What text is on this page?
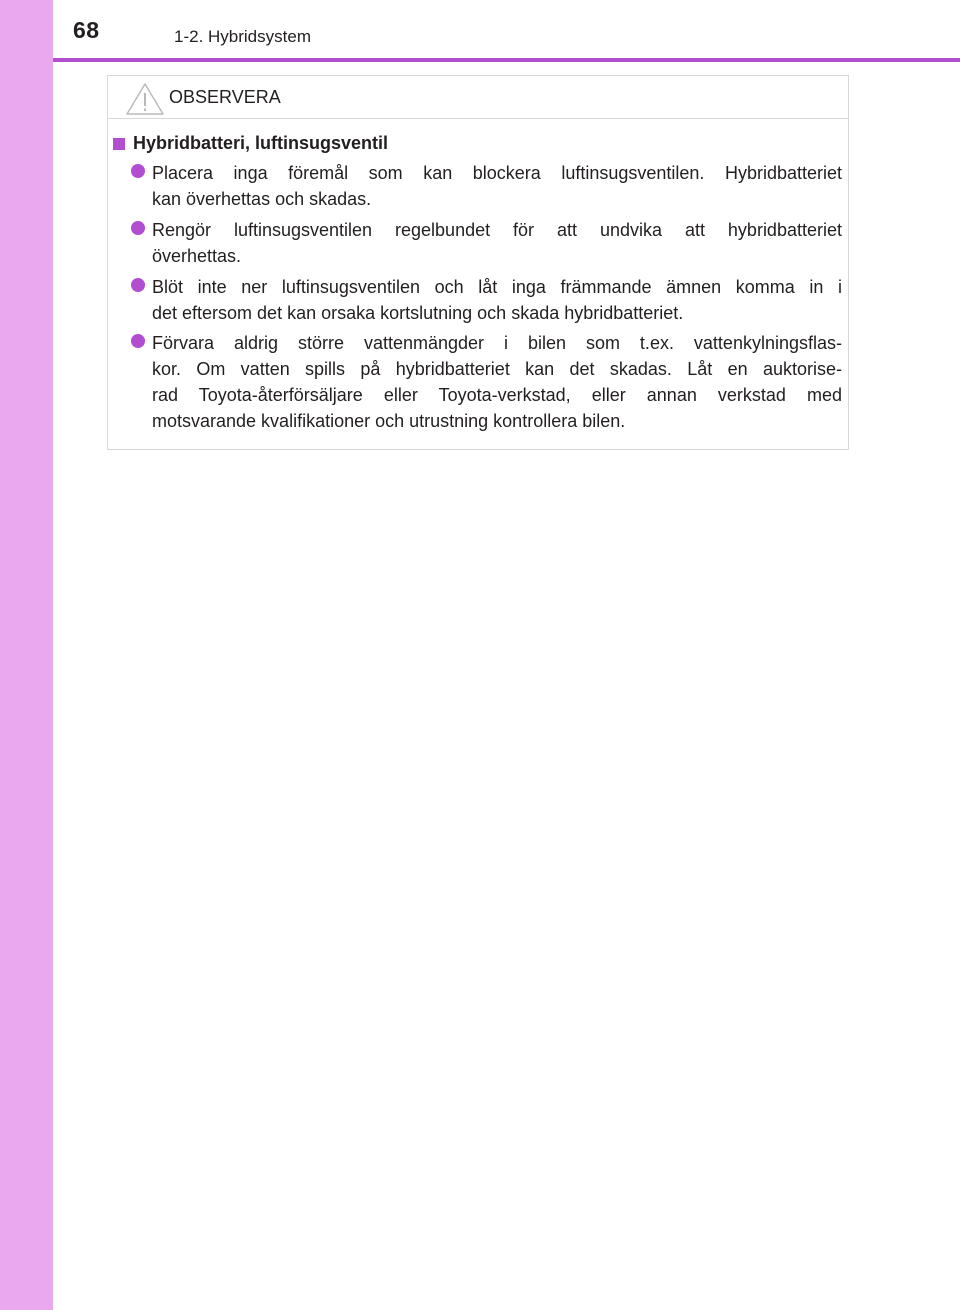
68	1-2. Hybridsystem
OBSERVERA
Hybridbatteri, luftinsugsventil
Placera inga föremål som kan blockera luftinsugsventilen. Hybridbatteriet
kan överhettas och skadas.
Rengör luftinsugsventilen regelbundet för att undvika att hybridbatteriet
överhettas.
Blöt inte ner luftinsugsventilen och låt inga främmande ämnen komma in i
det eftersom det kan orsaka kortslutning och skada hybridbatteriet.
Förvara aldrig större vattenmängder i bilen som t.ex. vattenkylningsflas-
kor. Om vatten spills på hybridbatteriet kan det skadas. Låt en auktorise-
rad Toyota-återförsäljare eller Toyota-verkstad, eller annan verkstad med
motsvarande kvalifikationer och utrustning kontrollera bilen.
